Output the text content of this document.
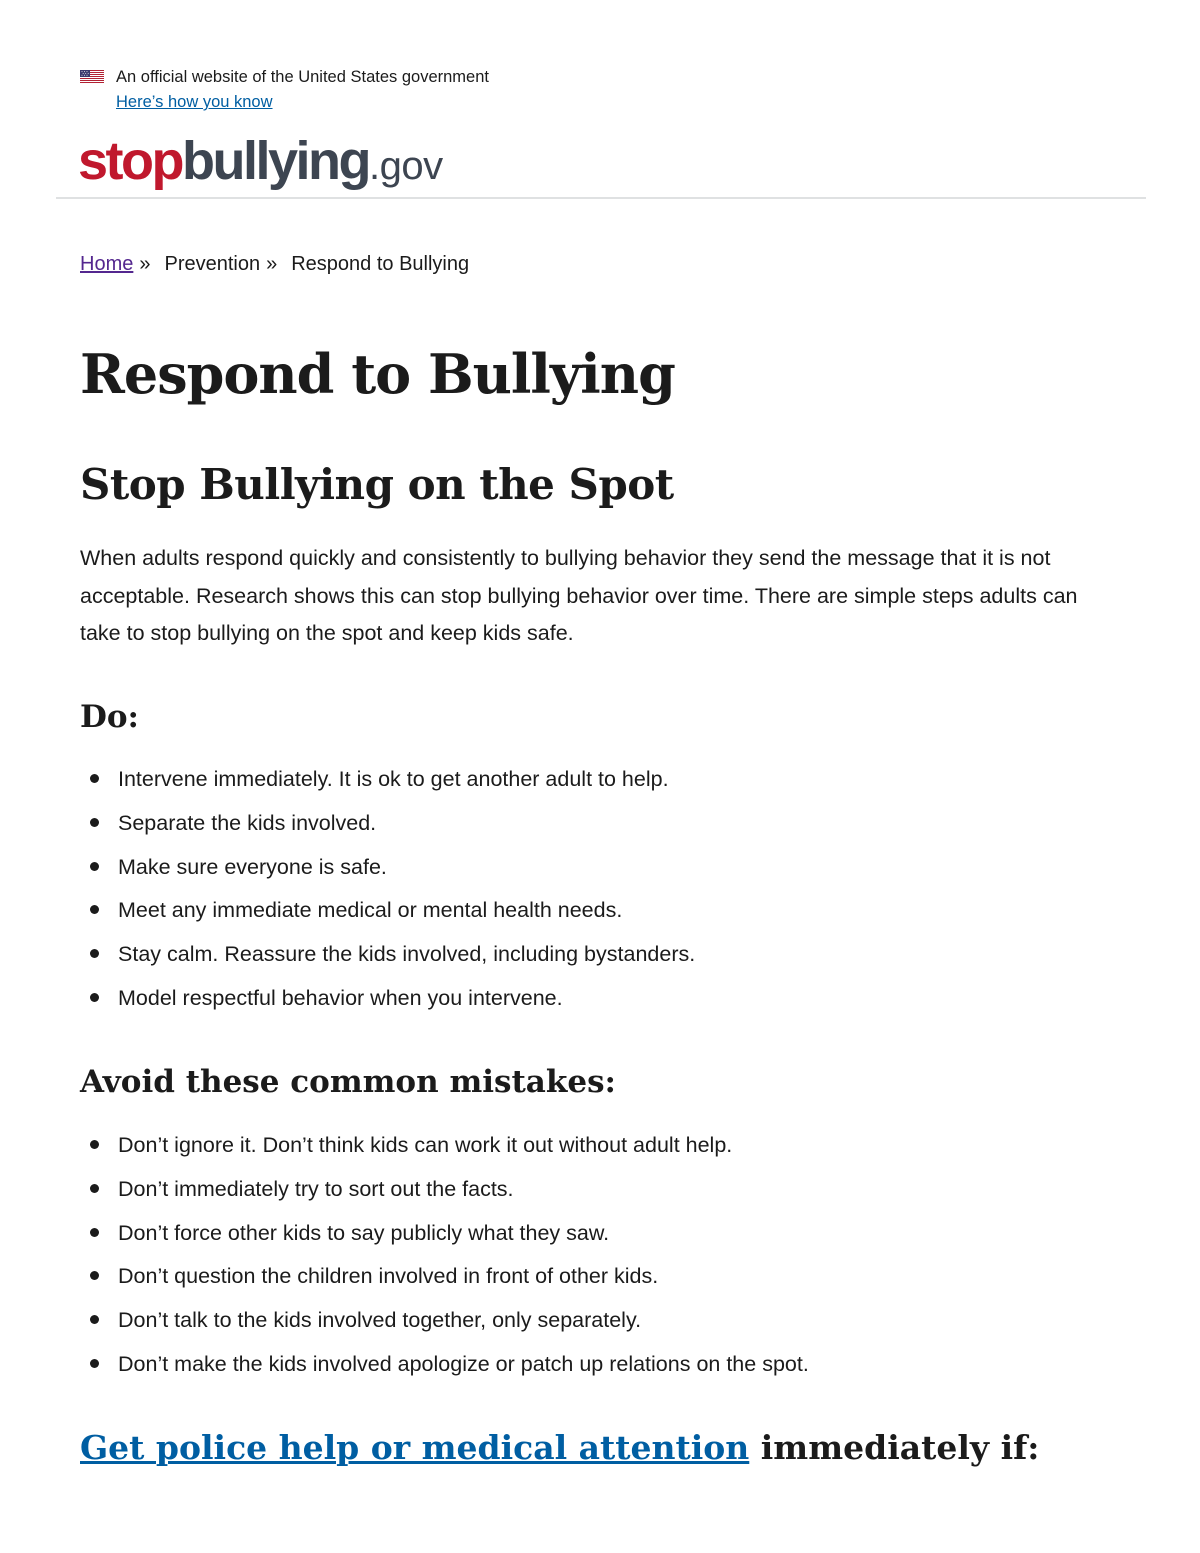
An official website of the United States government
Here’s how you know
stopbullying.gov
Home » Prevention » Respond to Bullying
Respond to Bullying
Stop Bullying on the Spot

When adults respond quickly and consistently to bullying behavior they send the message that it is not acceptable. Research shows this can stop bullying behavior over time. There are simple steps adults can take to stop bullying on the spot and keep kids safe.

Do:
Intervene immediately. It is ok to get another adult to help.
Separate the kids involved.
Make sure everyone is safe.
Meet any immediate medical or mental health needs.
Stay calm. Reassure the kids involved, including bystanders.
Model respectful behavior when you intervene.
Avoid these common mistakes:
Don’t ignore it. Don’t think kids can work it out without adult help.
Don’t immediately try to sort out the facts.
Don’t force other kids to say publicly what they saw.
Don’t question the children involved in front of other kids.
Don’t talk to the kids involved together, only separately.
Don’t make the kids involved apologize or patch up relations on the spot.
Get police help or medical attention immediately if:
